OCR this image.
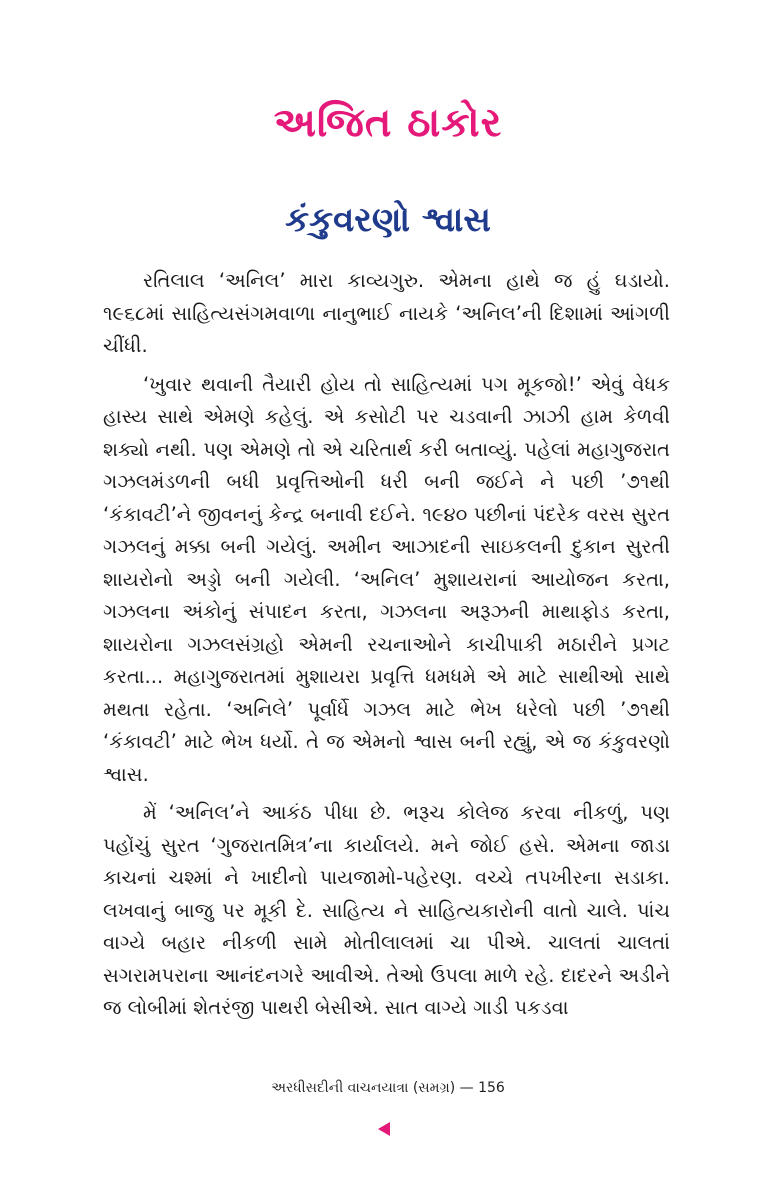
અજિત ઠાકોર
કંકુવરણો શ્વાસ

રતિલાલ ‘અનિલ’ મારા કાવ્યગુરુ. એમના હાથે જ હું ઘડાયો. ૧૯૬૮માં સાહિત્યસંગમવાળા નાનુભાઈ નાયકે ‘અનિલ’ની દિશામાં આંગળી ચીંધી.

‘ખુવાર થવાની તૈયારી હોય તો સાહિત્યમાં પગ મૂકજો!’ એવું વેધક હાસ્ય સાથે એમણે કહેલું. એ કસોટી પર ચડવાની ઝાઝી હામ કેળવી શક્યો નથી. પણ એમણે તો એ ચરિતાર્થ કરી બતાવ્યું. પહેલાં મહાગુજરાત ગઝલમંડળની બધી પ્રવૃત્તિઓની ધરી બની જઈને ને પછી ’૭૧થી ‘કંકાવટી’ને જીવનનું કેન્દ્ર બનાવી દઈને. ૧૯૪૦ પછીનાં પંદરેક વરસ સુરત ગઝલનું મક્કા બની ગયેલું. અમીન આઝાદની સાઇકલની દુકાન સુરતી શાયરોનો અડ્ડો બની ગયેલી. ‘અનિલ’ મુશાયરાનાં આયોજન કરતા, ગઝલના અંકોનું સંપાદન કરતા, ગઝલના અરૂઝની માથાફોડ કરતા, શાયરોના ગઝલસંગ્રહો એમની રચનાઓને કાચીપાકી મઠારીને પ્રગટ કરતા... મહાગુજરાતમાં મુશાયરા પ્રવૃત્તિ ધમધમે એ માટે સાથીઓ સાથે મથતા રહેતા. ‘અનિલે’ પૂર્વાર્ધે ગઝલ માટે ભેખ ધરેલો પછી ’૭૧થી ‘કંકાવટી’ માટે ભેખ ધર્યો. તે જ એમનો શ્વાસ બની રહ્યું, એ જ કંકુવરણો શ્વાસ.

મેં ‘અનિલ’ને આકંઠ પીધા છે. ભરૂચ કોલેજ કરવા નીકળું, પણ પહોંચું સુરત ‘ગુજરાતમિત્ર’ના કાર્યાલયે. મને જોઈ હસે. એમના જાડા કાચનાં ચશ્માં ને ખાદીનો પાયજામો-પહેરણ. વચ્ચે તપખીરના સડાકા. લખવાનું બાજુ પર મૂકી દે. સાહિત્ય ને સાહિત્યકારોની વાતો ચાલે. પાંચ વાગ્યે બહાર નીકળી સામે મોતીલાલમાં ચા પીએ. ચાલતાં ચાલતાં સગરામપરાના આનંદનગરે આવીએ. તેઓ ઉપલા માળે રહે. દાદરને અડીને જ લોબીમાં શેતરંજી પાથરી બેસીએ. સાત વાગ્યે ગાડી પકડવા

અરધીસદીની વાચનયાત્રા (સમગ્ર) — 156
